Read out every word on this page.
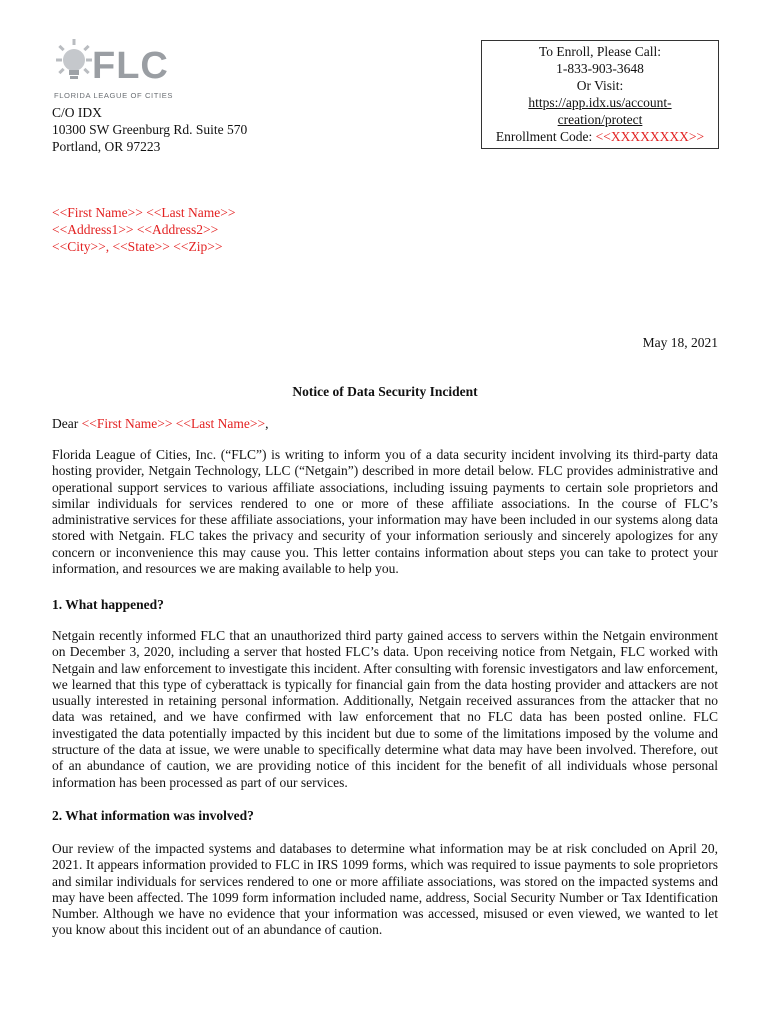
FLC
FLORIDA LEAGUE OF CITIES
C/O IDX
10300 SW Greenburg Rd. Suite 570
Portland, OR 97223
To Enroll, Please Call:
1-833-903-3648
Or Visit:
https://app.idx.us/account-
creation/protect
Enrollment Code: <<XXXXXXXX>>
<<First Name>> <<Last Name>>
<<Address1>> <<Address2>>
<<City>>, <<State>> <<Zip>>
May 18, 2021
Notice of Data Security Incident
Dear <<First Name>> <<Last Name>>,
Florida League of Cities, Inc. (“FLC”) is writing to inform you of a data security incident involving its third-party data hosting provider, Netgain Technology, LLC (“Netgain”) described in more detail below. FLC provides administrative and operational support services to various affiliate associations, including issuing payments to certain sole proprietors and similar individuals for services rendered to one or more of these affiliate associations. In the course of FLC’s administrative services for these affiliate associations, your information may have been included in our systems along data stored with Netgain. FLC takes the privacy and security of your information seriously and sincerely apologizes for any concern or inconvenience this may cause you. This letter contains information about steps you can take to protect your information, and resources we are making available to help you.
1. What happened?
Netgain recently informed FLC that an unauthorized third party gained access to servers within the Netgain environment on December 3, 2020, including a server that hosted FLC’s data. Upon receiving notice from Netgain, FLC worked with Netgain and law enforcement to investigate this incident. After consulting with forensic investigators and law enforcement, we learned that this type of cyberattack is typically for financial gain from the data hosting provider and attackers are not usually interested in retaining personal information. Additionally, Netgain received assurances from the attacker that no data was retained, and we have confirmed with law enforcement that no FLC data has been posted online. FLC investigated the data potentially impacted by this incident but due to some of the limitations imposed by the volume and structure of the data at issue, we were unable to specifically determine what data may have been involved. Therefore, out of an abundance of caution, we are providing notice of this incident for the benefit of all individuals whose personal information has been processed as part of our services.
2. What information was involved?
Our review of the impacted systems and databases to determine what information may be at risk concluded on April 20, 2021. It appears information provided to FLC in IRS 1099 forms, which was required to issue payments to sole proprietors and similar individuals for services rendered to one or more affiliate associations, was stored on the impacted systems and may have been affected. The 1099 form information included name, address, Social Security Number or Tax Identification Number. Although we have no evidence that your information was accessed, misused or even viewed, we wanted to let you know about this incident out of an abundance of caution.
